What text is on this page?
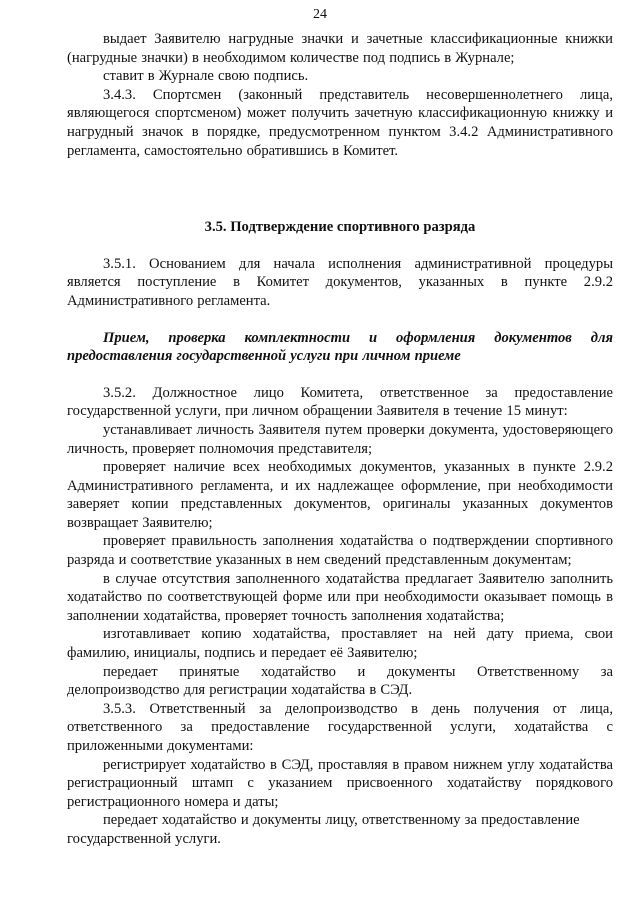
24

выдает Заявителю нагрудные значки и зачетные классификационные книжки (нагрудные значки) в необходимом количестве под подпись в Журнале;

ставит в Журнале свою подпись.

3.4.3. Спортсмен (законный представитель несовершеннолетнего лица, являющегося спортсменом) может получить зачетную классификационную книжку и нагрудный значок в порядке, предусмотренном пунктом 3.4.2 Административного регламента, самостоятельно обратившись в Комитет.

3.5. Подтверждение спортивного разряда

3.5.1. Основанием для начала исполнения административной процедуры является поступление в Комитет документов, указанных в пункте 2.9.2 Административного регламента.

Прием, проверка комплектности и оформления документов для предоставления государственной услуги при личном приеме

3.5.2. Должностное лицо Комитета, ответственное за предоставление государственной услуги, при личном обращении Заявителя в течение 15 минут:

устанавливает личность Заявителя путем проверки документа, удостоверяющего личность, проверяет полномочия представителя;

проверяет наличие всех необходимых документов, указанных в пункте 2.9.2 Административного регламента, и их надлежащее оформление, при необходимости заверяет копии представленных документов, оригиналы указанных документов возвращает Заявителю;

проверяет правильность заполнения ходатайства о подтверждении спортивного разряда и соответствие указанных в нем сведений представленным документам;

в случае отсутствия заполненного ходатайства предлагает Заявителю заполнить ходатайство по соответствующей форме или при необходимости оказывает помощь в заполнении ходатайства, проверяет точность заполнения ходатайства;

изготавливает копию ходатайства, проставляет на ней дату приема, свои фамилию, инициалы, подпись и передает её Заявителю;

передает принятые ходатайство и документы Ответственному за делопроизводство для регистрации ходатайства в СЭД.

3.5.3. Ответственный за делопроизводство в день получения от лица, ответственного за предоставление государственной услуги, ходатайства с приложенными документами:

регистрирует ходатайство в СЭД, проставляя в правом нижнем углу ходатайства регистрационный штамп с указанием присвоенного ходатайству порядкового регистрационного номера и даты;

передает ходатайство и документы лицу, ответственному за предоставление государственной услуги.
